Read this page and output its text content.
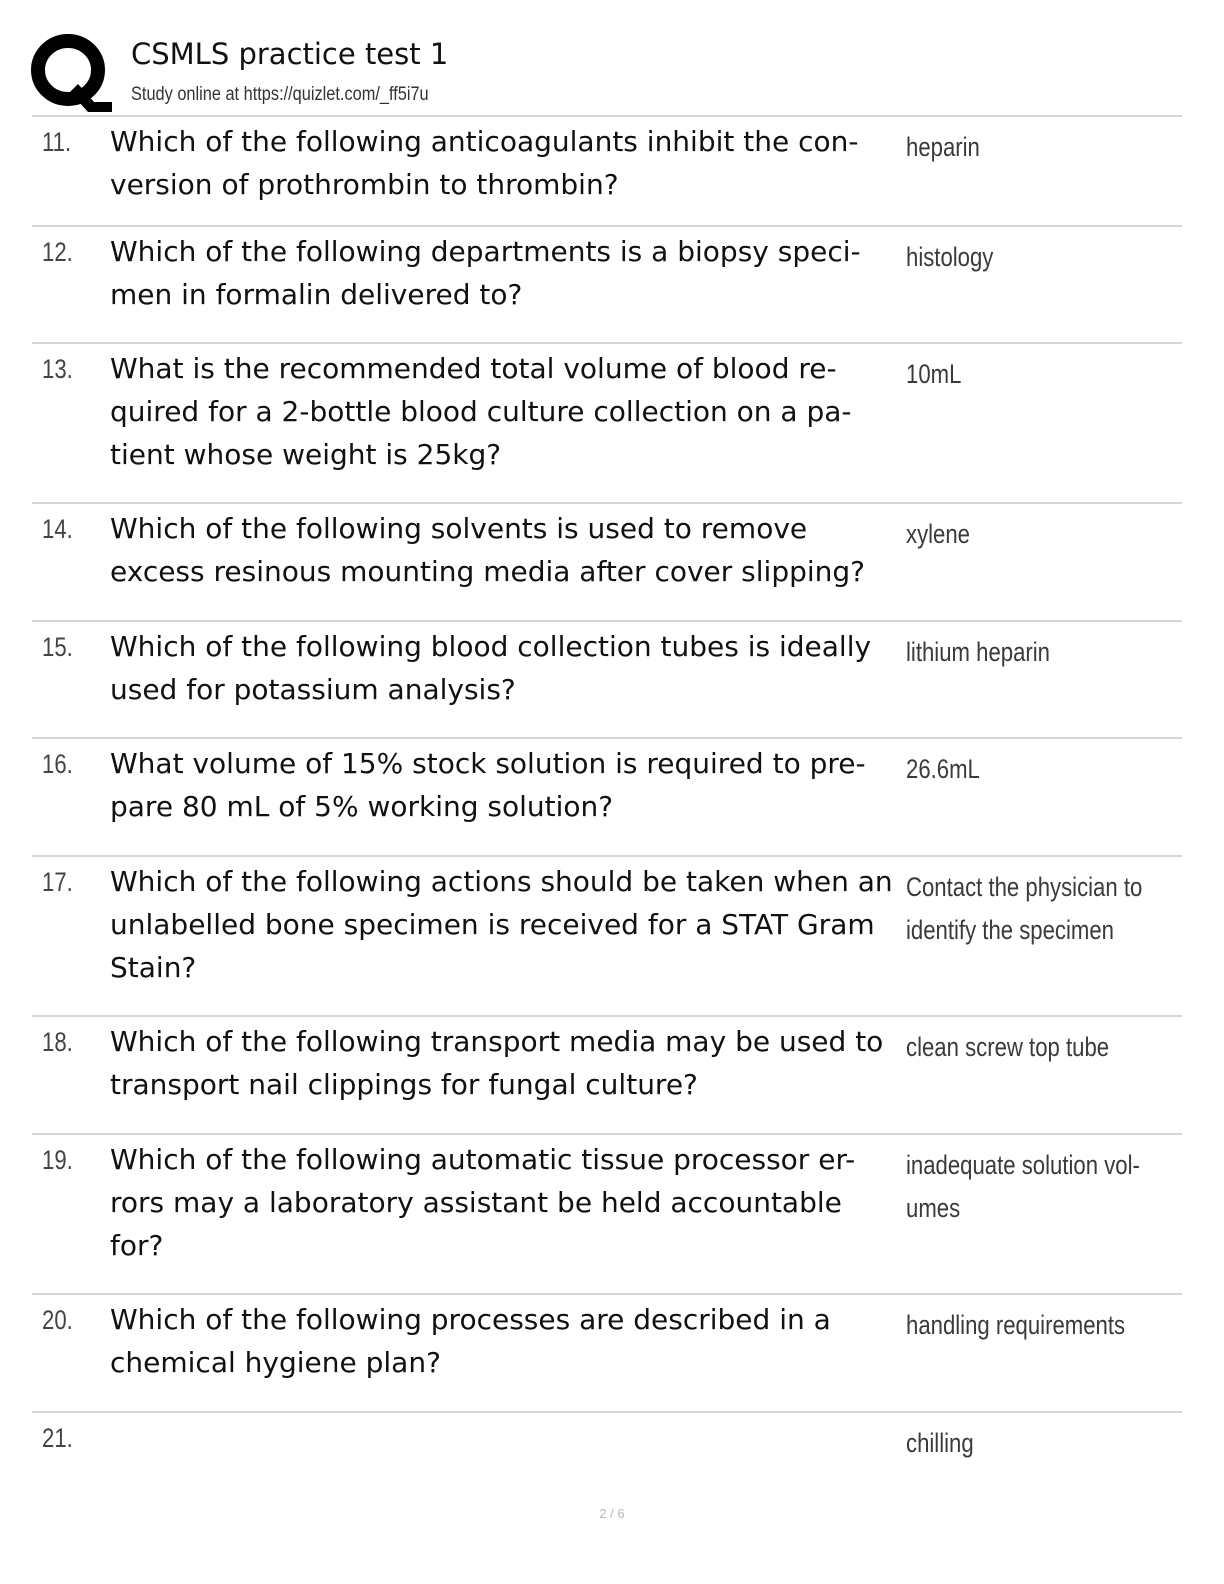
CSMLS practice test 1
Study online at https://quizlet.com/_ff5i7u
11. Which of the following anticoagulants inhibit the con-
version of prothrombin to thrombin?

heparin
12. Which of the following departments is a biopsy speci-
men in formalin delivered to?

histology
13. What is the recommended total volume of blood re-
quired for a 2-bottle blood culture collection on a pa-
tient whose weight is 25kg?

10mL
14. Which of the following solvents is used to remove excess resinous mounting media after cover slipping?

xylene
15. Which of the following blood collection tubes is ideally used for potassium analysis?

lithium heparin
16. What volume of 15% stock solution is required to pre-
pare 80 mL of 5% working solution?

26.6mL
17. Which of the following actions should be taken when an unlabelled bone specimen is received for a STAT Gram Stain?

Contact the physician to identify the specimen
18. Which of the following transport media may be used to transport nail clippings for fungal culture?

clean screw top tube
19. Which of the following automatic tissue processor er-
rors may a laboratory assistant be held accountable
for?

inadequate solution vol-
umes
20. Which of the following processes are described in a chemical hygiene plan?

handling requirements
21.	chilling
2 / 6
